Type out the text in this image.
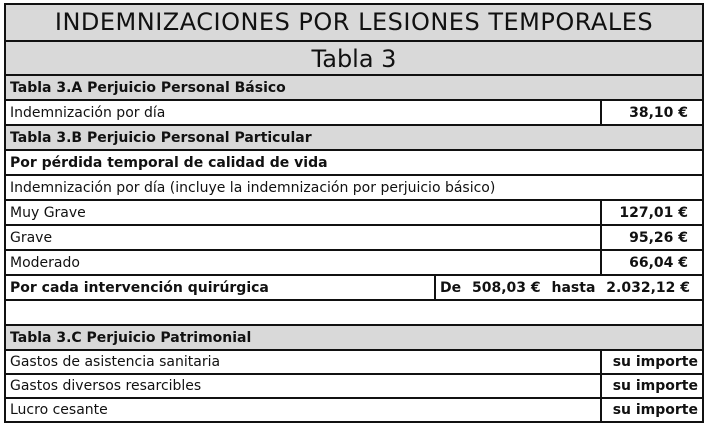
INDEMNIZACIONES POR LESIONES TEMPORALES
Tabla 3
Tabla 3.A Perjuicio Personal Básico
Indemnización por día	38,10 €
Tabla 3.B Perjuicio Personal Particular
Por pérdida temporal de calidad de vida
Indemnización por día (incluye la indemnización por perjuicio básico)
Muy Grave	127,01 €
Grave	95,26 €
Moderado	66,04 €
Por cada intervención quirúrgica	De 508,03 € hasta 2.032,12 €
Tabla 3.C Perjuicio Patrimonial
Gastos de asistencia sanitaria	su importe
Gastos diversos resarcibles	su importe
Lucro cesante	su importe
